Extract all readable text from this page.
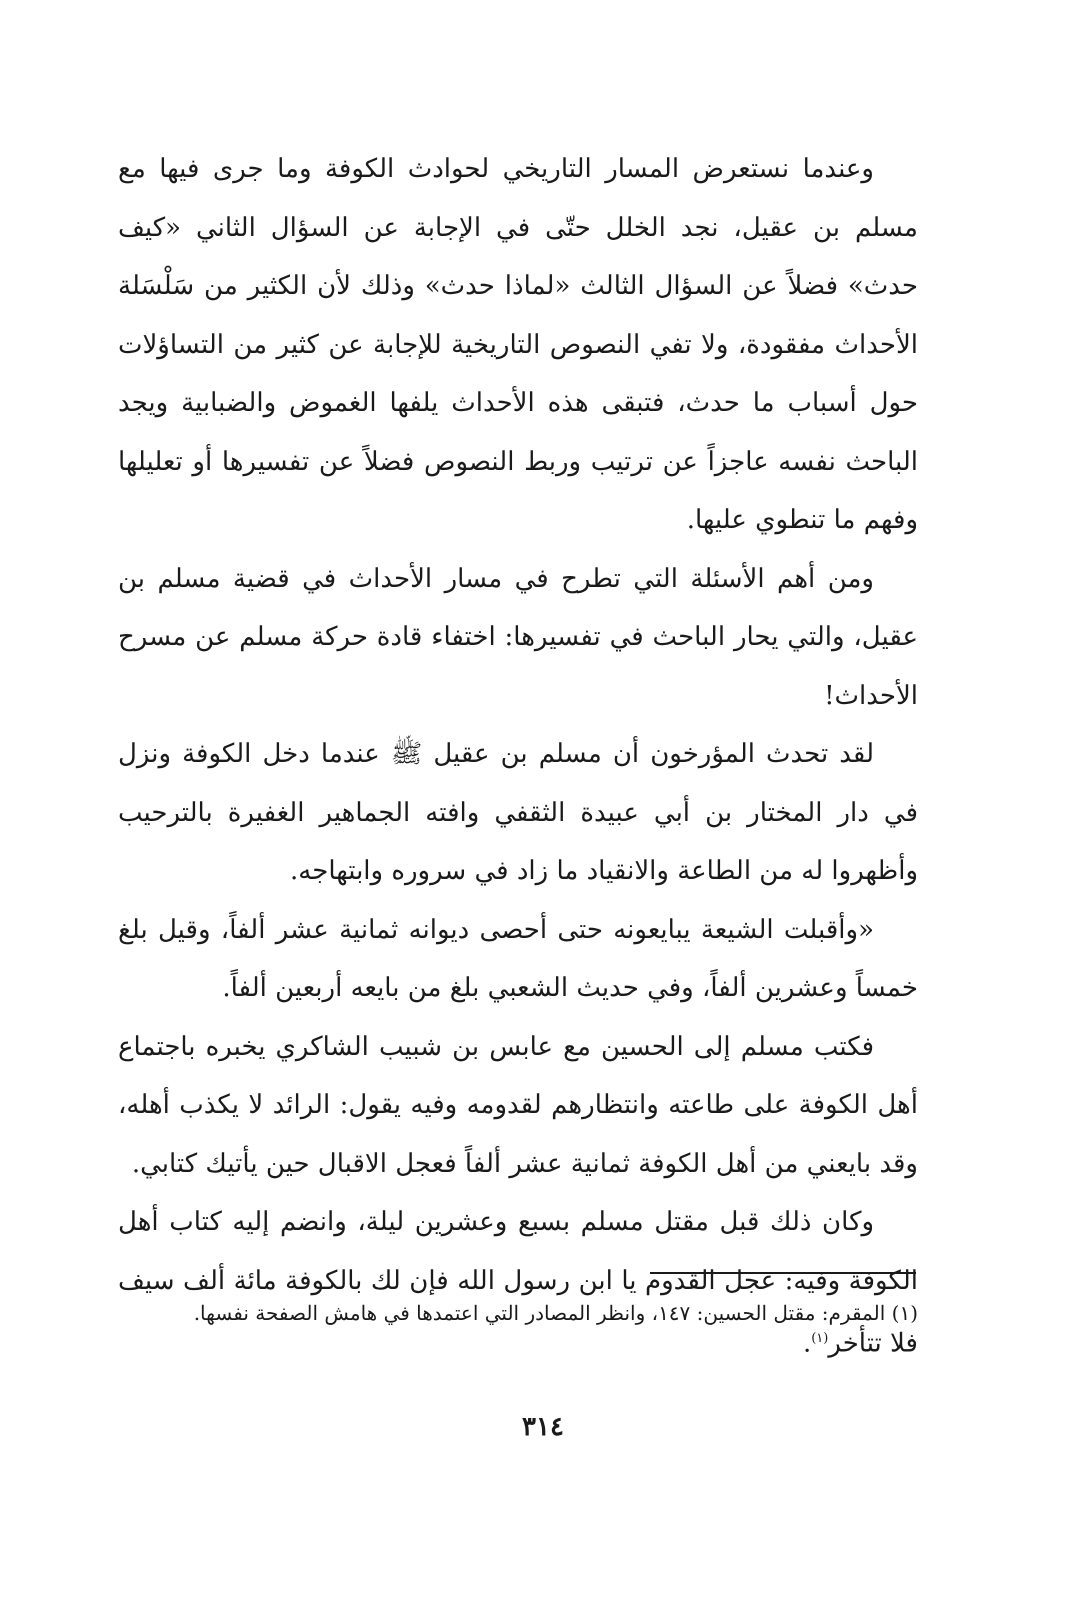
وعندما نستعرض المسار التاريخي لحوادث الكوفة وما جرى فيها مع مسلم بن عقيل، نجد الخلل حتّى في الإجابة عن السؤال الثاني «كيف حدث» فضلاً عن السؤال الثالث «لماذا حدث» وذلك لأن الكثير من سَلْسَلة الأحداث مفقودة، ولا تفي النصوص التاريخية للإجابة عن كثير من التساؤلات حول أسباب ما حدث، فتبقى هذه الأحداث يلفها الغموض والضبابية ويجد الباحث نفسه عاجزاً عن ترتيب وربط النصوص فضلاً عن تفسيرها أو تعليلها وفهم ما تنطوي عليها.

ومن أهم الأسئلة التي تطرح في مسار الأحداث في قضية مسلم بن عقيل، والتي يحار الباحث في تفسيرها: اختفاء قادة حركة مسلم عن مسرح الأحداث!

لقد تحدث المؤرخون أن مسلم بن عقيل ﷺ عندما دخل الكوفة ونزل في دار المختار بن أبي عبيدة الثقفي وافته الجماهير الغفيرة بالترحيب وأظهروا له من الطاعة والانقياد ما زاد في سروره وابتهاجه.

«وأقبلت الشيعة يبايعونه حتى أحصى ديوانه ثمانية عشر ألفاً، وقيل بلغ خمساً وعشرين ألفاً، وفي حديث الشعبي بلغ من بايعه أربعين ألفاً.

فكتب مسلم إلى الحسين مع عابس بن شبيب الشاكري يخبره باجتماع أهل الكوفة على طاعته وانتظارهم لقدومه وفيه يقول: الرائد لا يكذب أهله، وقد بايعني من أهل الكوفة ثمانية عشر ألفاً فعجل الاقبال حين يأتيك كتابي.

وكان ذلك قبل مقتل مسلم بسبع وعشرين ليلة، وانضم إليه كتاب أهل الكوفة وفيه: عجل القدوم يا ابن رسول الله فإن لك بالكوفة مائة ألف سيف فلا تتأخر$^{(١)}$.

(١) المقرم: مقتل الحسين: ١٤٧، وانظر المصادر التي اعتمدها في هامش الصفحة نفسها.
٣١٤
